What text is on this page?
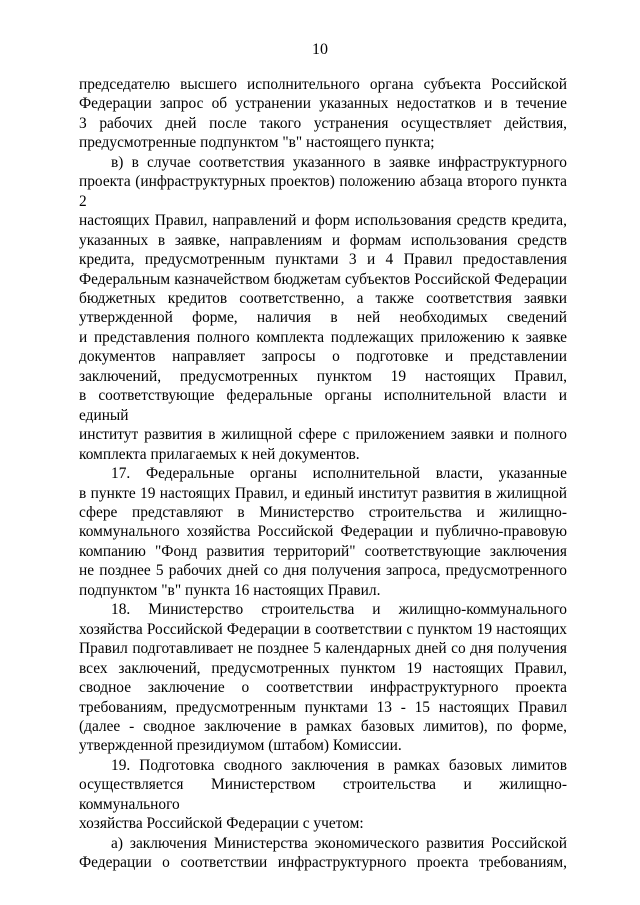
10

председателю высшего исполнительного органа субъекта Российской

Федерации запрос об устранении указанных недостатков и в течение

3 рабочих дней после такого устранения осуществляет действия,

предусмотренные подпунктом "в" настоящего пункта;

в) в случае соответствия указанного в заявке инфраструктурного

проекта (инфраструктурных проектов) положению абзаца второго пункта 2

настоящих Правил, направлений и форм использования средств кредита,

указанных в заявке, направлениям и формам использования средств

кредита, предусмотренным пунктами 3 и 4 Правил предоставления

Федеральным казначейством бюджетам субъектов Российской Федерации

бюджетных кредитов соответственно, а также соответствия заявки

утвержденной форме, наличия в ней необходимых сведений

и представления полного комплекта подлежащих приложению к заявке

документов направляет запросы о подготовке и представлении

заключений, предусмотренных пунктом 19 настоящих Правил,

в соответствующие федеральные органы исполнительной власти и единый

институт развития в жилищной сфере с приложением заявки и полного

комплекта прилагаемых к ней документов.

17. Федеральные органы исполнительной власти, указанные

в пункте 19 настоящих Правил, и единый институт развития в жилищной

сфере представляют в Министерство строительства и жилищно-

коммунального хозяйства Российской Федерации и публично-правовую

компанию "Фонд развития территорий" соответствующие заключения

не позднее 5 рабочих дней со дня получения запроса, предусмотренного

подпунктом "в" пункта 16 настоящих Правил.

18. Министерство строительства и жилищно-коммунального

хозяйства Российской Федерации в соответствии с пунктом 19 настоящих

Правил подготавливает не позднее 5 календарных дней со дня получения

всех заключений, предусмотренных пунктом 19 настоящих Правил,

сводное заключение о соответствии инфраструктурного проекта

требованиям, предусмотренным пунктами 13 - 15 настоящих Правил

(далее - сводное заключение в рамках базовых лимитов), по форме,

утвержденной президиумом (штабом) Комиссии.

19. Подготовка сводного заключения в рамках базовых лимитов

осуществляется Министерством строительства и жилищно-коммунального

хозяйства Российской Федерации с учетом:

а) заключения Министерства экономического развития Российской

Федерации о соответствии инфраструктурного проекта требованиям,
